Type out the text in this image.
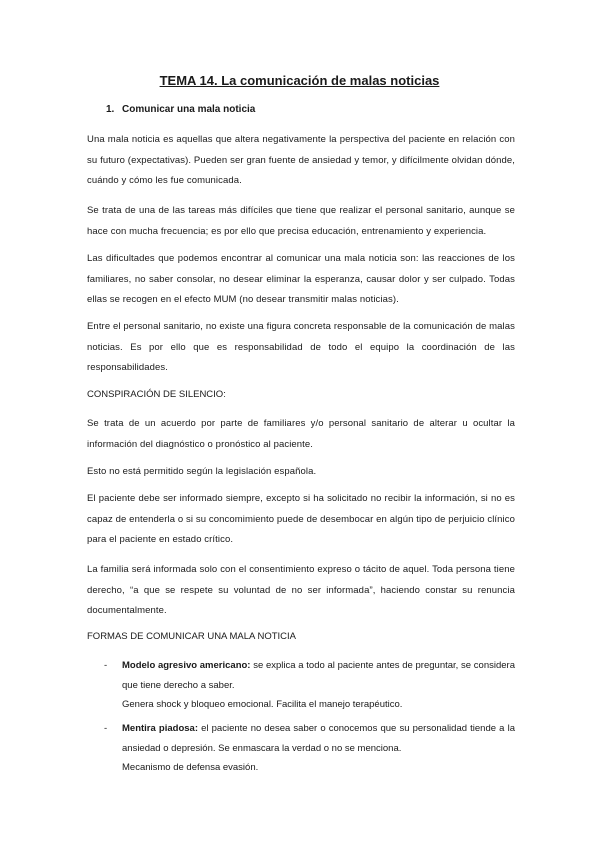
TEMA 14. La comunicación de malas noticias
1. Comunicar una mala noticia
Una mala noticia es aquellas que altera negativamente la perspectiva del paciente en relación con su futuro (expectativas). Pueden ser gran fuente de ansiedad y temor, y difícilmente olvidan dónde, cuándo y cómo les fue comunicada.
Se trata de una de las tareas más difíciles que tiene que realizar el personal sanitario, aunque se hace con mucha frecuencia; es por ello que precisa educación, entrenamiento y experiencia.
Las dificultades que podemos encontrar al comunicar una mala noticia son: las reacciones de los familiares, no saber consolar, no desear eliminar la esperanza, causar dolor y ser culpado. Todas ellas se recogen en el efecto MUM (no desear transmitir malas noticias).
Entre el personal sanitario, no existe una figura concreta responsable de la comunicación de malas noticias. Es por ello que es responsabilidad de todo el equipo la coordinación de las responsabilidades.
CONSPIRACIÓN DE SILENCIO:
Se trata de un acuerdo por parte de familiares y/o personal sanitario de alterar u ocultar la información del diagnóstico o pronóstico al paciente.
Esto no está permitido según la legislación española.
El paciente debe ser informado siempre, excepto si ha solicitado no recibir la información, si no es capaz de entenderla o si su concomimiento puede de desembocar en algún tipo de perjuicio clínico para el paciente en estado crítico.
La familia será informada solo con el consentimiento expreso o tácito de aquel. Toda persona tiene derecho, “a que se respete su voluntad de no ser informada”, haciendo constar su renuncia documentalmente.
FORMAS DE COMUNICAR UNA MALA NOTICIA
- Modelo agresivo americano: se explica a todo al paciente antes de preguntar, se considera que tiene derecho a saber.
Genera shock y bloqueo emocional. Facilita el manejo terapéutico.
- Mentira piadosa: el paciente no desea saber o conocemos que su personalidad tiende a la ansiedad o depresión. Se enmascara la verdad o no se menciona.
Mecanismo de defensa evasión.
